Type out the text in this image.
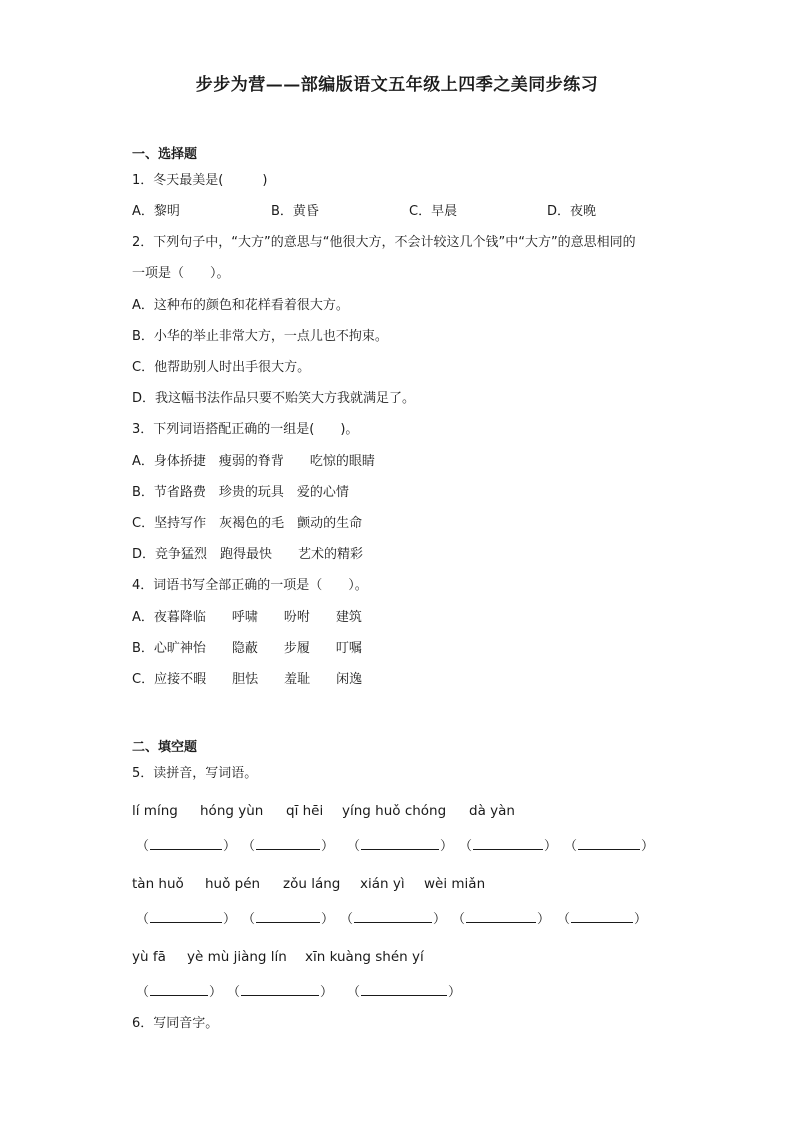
步步为营——部编版语文五年级上四季之美同步练习
一、选择题
1．冬天最美是(　　　)
A．黎明	B．黄昏	C．早晨	D．夜晚
2．下列句子中，“大方”的意思与“他很大方，不会计较这几个钱”中“大方”的意思相同的
一项是（　　）。
A．这种布的颜色和花样看着很大方。
B．小华的举止非常大方，一点儿也不拘束。
C．他帮助别人时出手很大方。
D．我这幅书法作品只要不贻笑大方我就满足了。
3．下列词语搭配正确的一组是(　　)。
A．身体挢捷　瘦弱的脊背　　吃惊的眼睛
B．节省路费　珍贵的玩具　爱的心情
C．坚持写作　灰褐色的毛　颤动的生命
D．竞争猛烈　跑得最快　　艺术的精彩
4．词语书写全部正确的一项是（　　）。
A．夜暮降临　　呼啸　　吩咐　　建筑
B．心旷神怡　　隐蔽　　步履　　叮嘱
C．应接不暇　　胆怯　　羞耻　　闲逸
二、填空题
5．读拼音，写词语。
lí míng hóng yùn qī hēi yíng huǒ chóng dà yàn
（	） （	） （	） （	） （	）
tàn huǒ huǒ pén zǒu láng xián yì wèi miǎn
（	） （	） （	） （	） （	）
yù fā yè mù jiàng lín xīn kuàng shén yí
（	） （	） （	）
6．写同音字。
